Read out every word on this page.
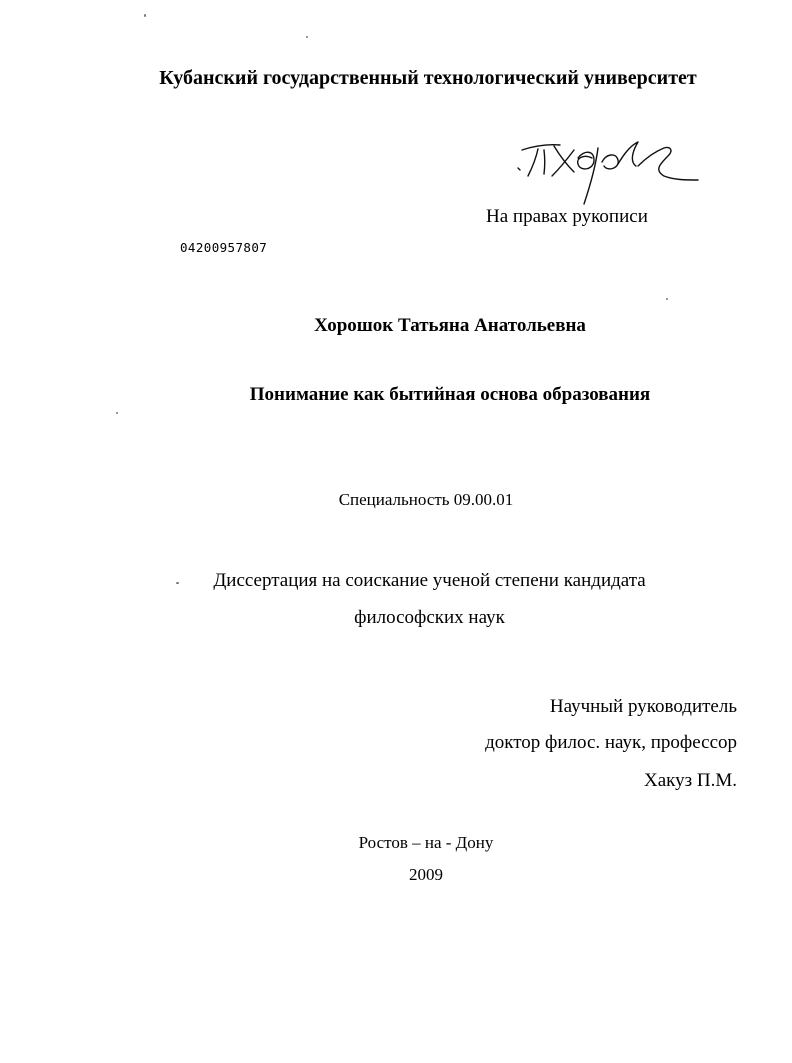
Кубанский государственный технологический университет
На правах рукописи
04200957807
Хорошок Татьяна Анатольевна
Понимание как бытийная основа образования
Специальность 09.00.01
Диссертация на соискание ученой степени кандидата
философских наук
Научный руководитель
доктор филос. наук, профессор
Хакуз П.М.
Ростов – на - Дону
2009
